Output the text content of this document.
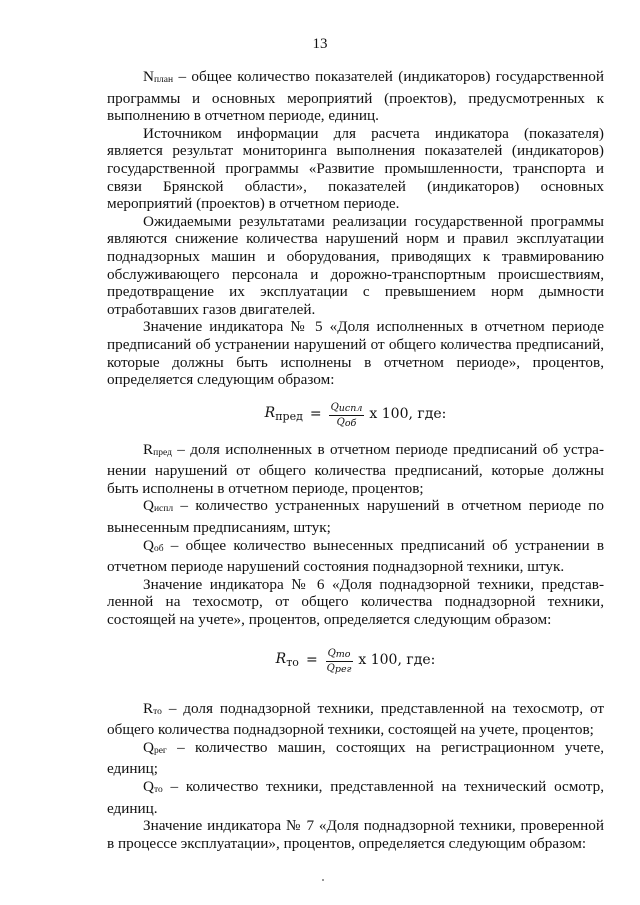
13

Nплан – общее количество показателей (индикаторов) государственной программы и основных мероприятий (проектов), предусмотренных к выполнению в отчетном периоде, единиц.

Источником информации для расчета индикатора (показателя) является результат мониторинга выполнения показателей (индикаторов) государственной программы «Развитие промышленности, транспорта и связи Брянской области», показателей (индикаторов) основных мероприятий (проектов) в отчетном периоде.

Ожидаемыми результатами реализации государственной программы являются снижение количества нарушений норм и правил эксплуатации поднадзорных машин и оборудования, приводящих к травмированию обслуживающего персонала и дорожно-транспортным происшествиям, предотвращение их эксплуатации с превышением норм дымности отработавших газов двигателей.

Значение индикатора № 5 «Доля исполненных в отчетном периоде предписаний об устранении нарушений от общего количества предписаний, которые должны быть исполнены в отчетном периоде», процентов, определяется следующим образом:

$R_{пред} = \frac{\text{Qиспл}}{\text{Qоб}}$ x 100, где:

Rпред – доля исполненных в отчетном периоде предписаний об устранении нарушений от общего количества предписаний, которые должны быть исполнены в отчетном периоде, процентов;

Qиспл – количество устраненных нарушений в отчетном периоде по вынесенным предписаниям, штук;

Qоб – общее количество вынесенных предписаний об устранении в отчетном периоде нарушений состояния поднадзорной техники, штук.

Значение индикатора № 6 «Доля поднадзорной техники, представленной на техосмотр, от общего количества поднадзорной техники, состоящей на учете», процентов, определяется следующим образом:

$R_{то} = \frac{\text{Qто}}{\text{Qрег}}$ x 100, где:

Rто – доля поднадзорной техники, представленной на техосмотр, от общего количества поднадзорной техники, состоящей на учете, процентов;

Qрег – количество машин, состоящих на регистрационном учете, единиц;

Qто – количество техники, представленной на технический осмотр, единиц.

Значение индикатора № 7 «Доля поднадзорной техники, проверенной в процессе эксплуатации», процентов, определяется следующим образом:
